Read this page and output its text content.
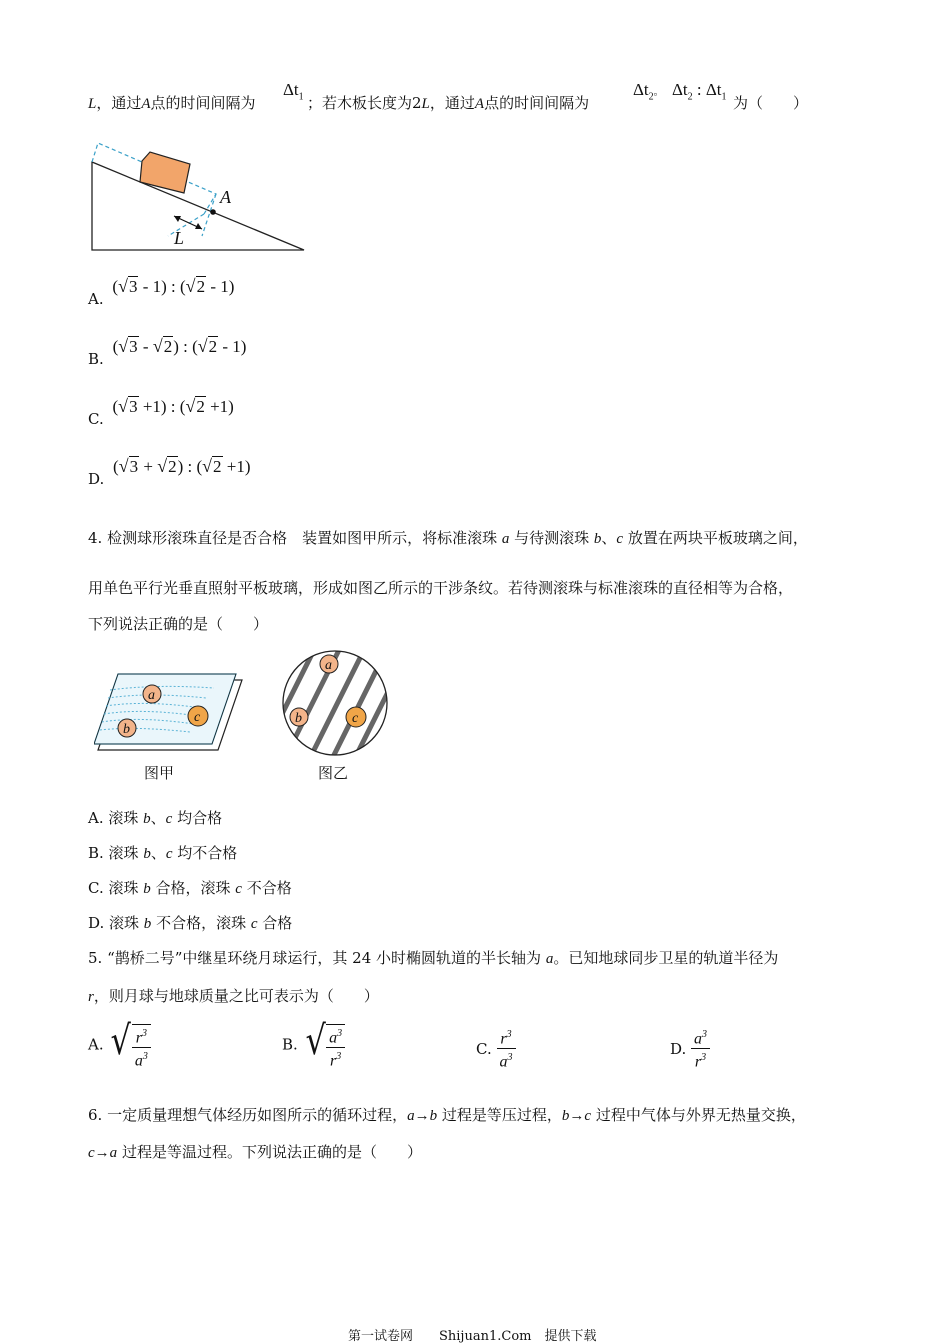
L，通过A点的时间间隔为
$\Delta t_1$ ；若木板长度为2L，通过A点的时间间隔为
$\Delta t_2$。 $\Delta t_2$ : $\Delta t_1$ 为（　　）
A
L
A. (√3 - 1) : (√2 - 1)
B. (√3 - √2) : (√2 - 1)
C. (√3 +1) : (√2 +1)
D. (√3 + √2) : (√2 +1)
4. 检测球形滚珠直径是否合格　装置如图甲所示，将标准滚珠 a 与待测滚珠 b、c 放置在两块平板玻璃之间，
用单色平行光垂直照射平板玻璃，形成如图乙所示的干涉条纹。若待测滚珠与标准滚珠的直径相等为合格，
下列说法正确的是（　　）
a
b
c
图甲
a
b	c
图乙
A. 滚珠 b、c 均合格
B. 滚珠 b、c 均不合格
C. 滚珠 b 合格，滚珠 c 不合格
D. 滚珠 b 不合格，滚珠 c 合格
5. “鹊桥二号”中继星环绕月球运行，其 24 小时椭圆轨道的半长轴为 a。已知地球同步卫星的轨道半径为
r，则月球与地球质量之比可表示为（　　）
A. √ $\frac{r^3}{a^3}$	B. √ $\frac{a^3}{r^3}$	C. $\frac{r^3}{a^3}$	D. $\frac{a^3}{r^3}$
6. 一定质量理想气体经历如图所示的循环过程，a→b 过程是等压过程，b→c 过程中气体与外界无热量交换，
c→a 过程是等温过程。下列说法正确的是（　　）
第一试卷网　　Shijuan1.Com　提供下载
